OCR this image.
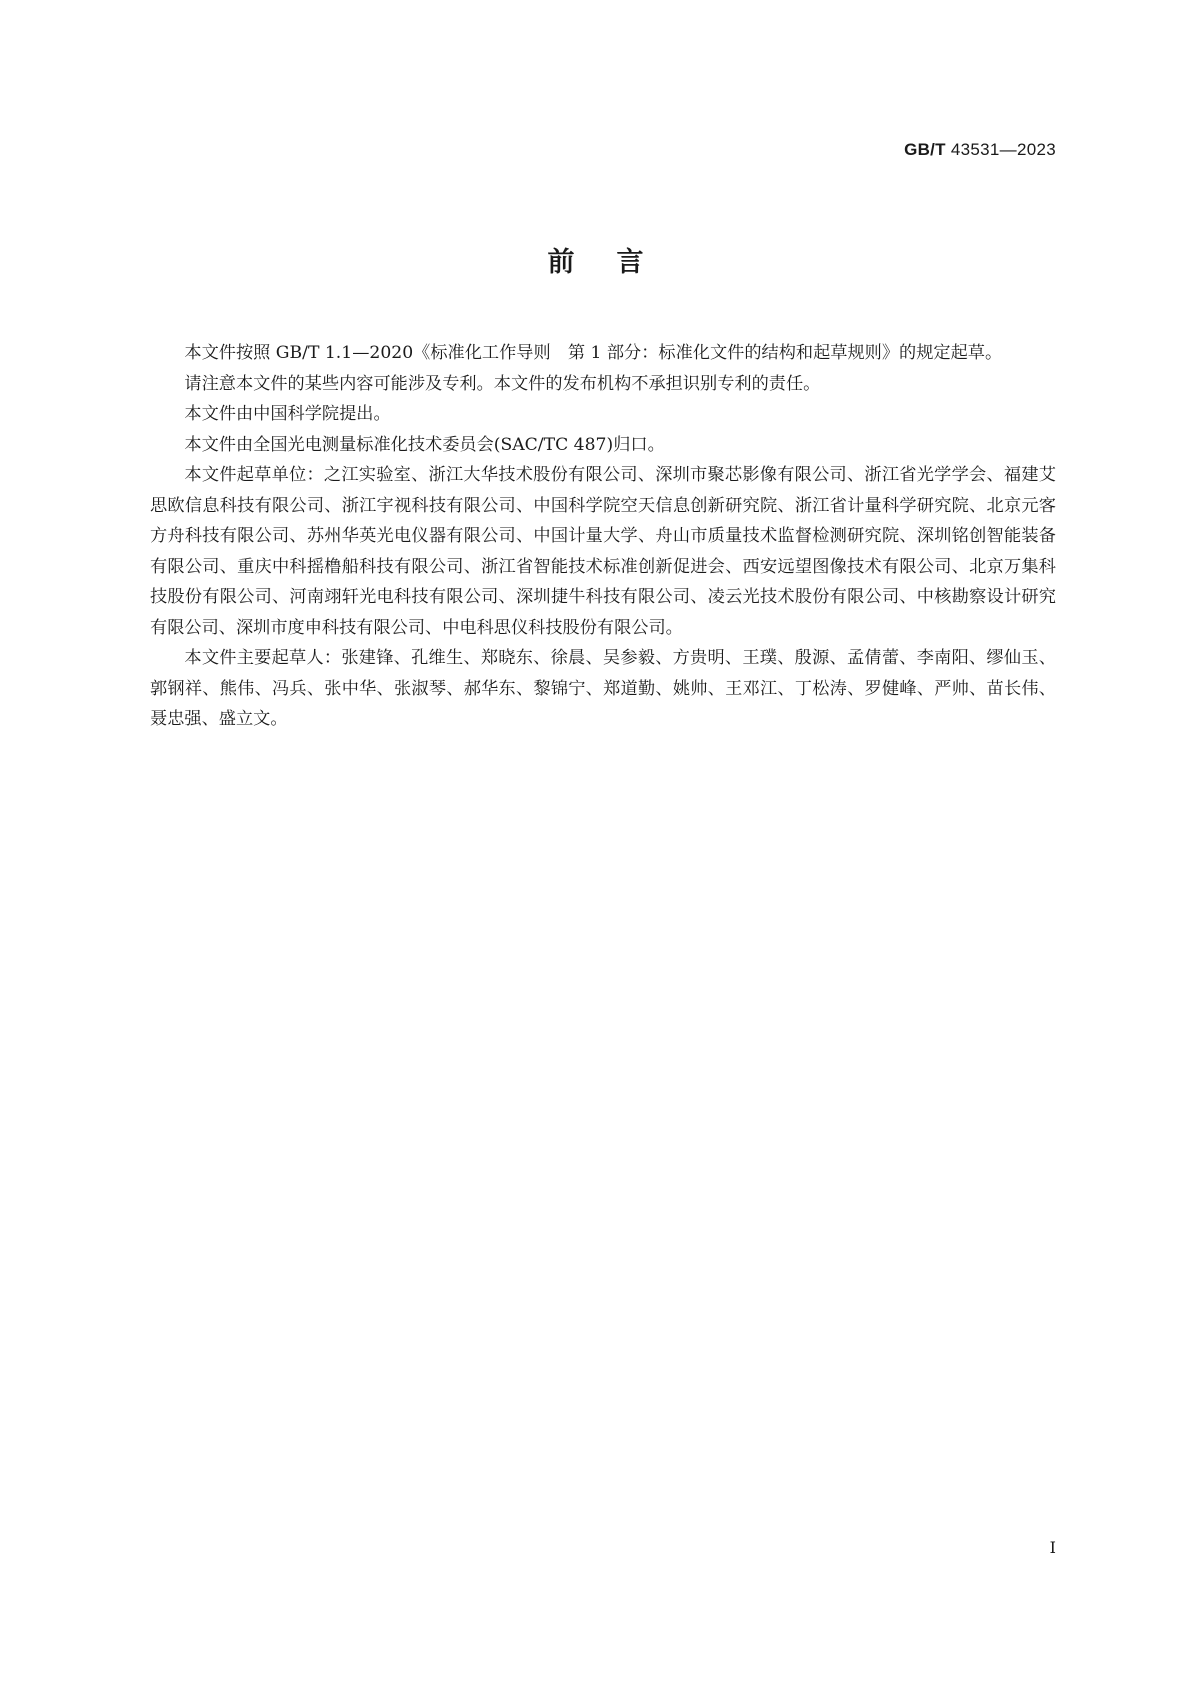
GB/T 43531—2023
前言

本文件按照 GB/T 1.1—2020《标准化工作导则　第 1 部分：标准化文件的结构和起草规则》的规定起草。

请注意本文件的某些内容可能涉及专利。本文件的发布机构不承担识别专利的责任。

本文件由中国科学院提出。

本文件由全国光电测量标准化技术委员会(SAC/TC 487)归口。

本文件起草单位：之江实验室、浙江大华技术股份有限公司、深圳市聚芯影像有限公司、浙江省光学学会、福建艾思欧信息科技有限公司、浙江宇视科技有限公司、中国科学院空天信息创新研究院、浙江省计量科学研究院、北京元客方舟科技有限公司、苏州华英光电仪器有限公司、中国计量大学、舟山市质量技术监督检测研究院、深圳铭创智能装备有限公司、重庆中科摇橹船科技有限公司、浙江省智能技术标准创新促进会、西安远望图像技术有限公司、北京万集科技股份有限公司、河南翊轩光电科技有限公司、深圳捷牛科技有限公司、凌云光技术股份有限公司、中核勘察设计研究有限公司、深圳市度申科技有限公司、中电科思仪科技股份有限公司。

本文件主要起草人：张建锋、孔维生、郑晓东、徐晨、吴参毅、方贵明、王璞、殷源、孟倩蕾、李南阳、缪仙玉、郭钢祥、熊伟、冯兵、张中华、张淑琴、郝华东、黎锦宁、郑道勤、姚帅、王邓江、丁松涛、罗健峰、严帅、苗长伟、聂忠强、盛立文。

I
